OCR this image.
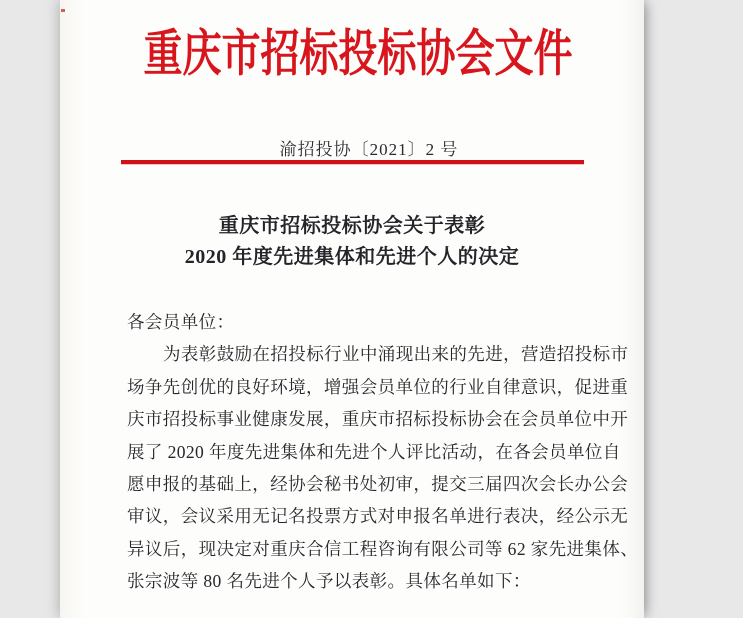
重庆市招标投标协会文件
渝招投协〔2021〕2 号
重庆市招标投标协会关于表彰
2020 年度先进集体和先进个人的决定
各会员单位：
为表彰鼓励在招投标行业中涌现出来的先进，营造招投标市
场争先创优的良好环境，增强会员单位的行业自律意识，促进重
庆市招投标事业健康发展，重庆市招标投标协会在会员单位中开
展了 2020 年度先进集体和先进个人评比活动，在各会员单位自
愿申报的基础上，经协会秘书处初审，提交三届四次会长办公会
审议，会议采用无记名投票方式对申报名单进行表决，经公示无
异议后，现决定对重庆合信工程咨询有限公司等 62 家先进集体、
张宗波等 80 名先进个人予以表彰。具体名单如下：
